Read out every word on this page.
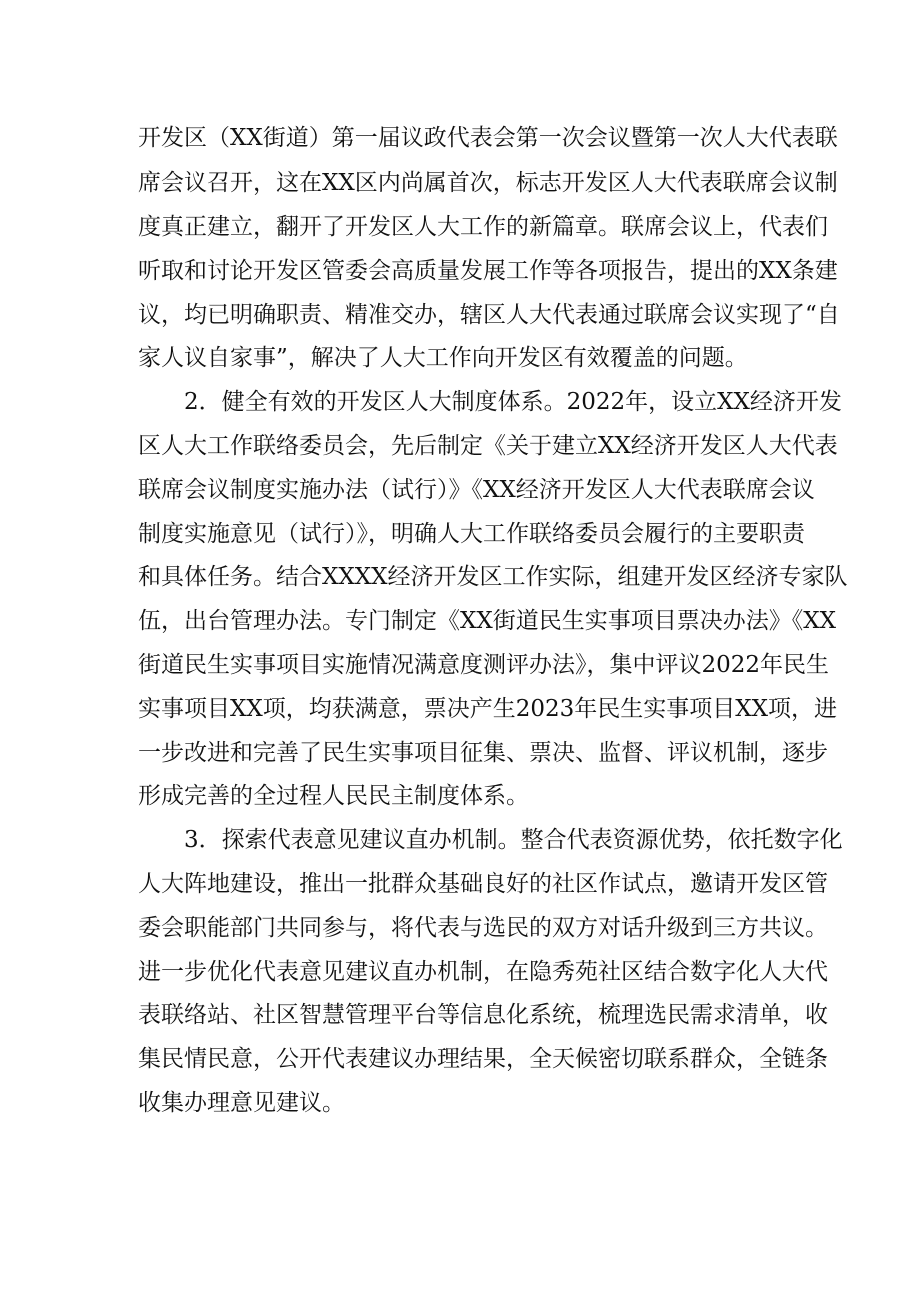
开发区（XX街道）第一届议政代表会第一次会议暨第一次人大代表联
席会议召开，这在XX区内尚属首次，标志开发区人大代表联席会议制
度真正建立，翻开了开发区人大工作的新篇章。联席会议上，代表们
听取和讨论开发区管委会高质量发展工作等各项报告，提出的XX条建
议，均已明确职责、精准交办，辖区人大代表通过联席会议实现了“自
家人议自家事”，解决了人大工作向开发区有效覆盖的问题。
2．健全有效的开发区人大制度体系。2022年，设立XX经济开发
区人大工作联络委员会，先后制定《关于建立XX经济开发区人大代表
联席会议制度实施办法（试行）》《XX经济开发区人大代表联席会议
制度实施意见（试行）》，明确人大工作联络委员会履行的主要职责
和具体任务。结合XXXX经济开发区工作实际，组建开发区经济专家队
伍，出台管理办法。专门制定《XX街道民生实事项目票决办法》《XX
街道民生实事项目实施情况满意度测评办法》，集中评议2022年民生
实事项目XX项，均获满意，票决产生2023年民生实事项目XX项，进
一步改进和完善了民生实事项目征集、票决、监督、评议机制，逐步
形成完善的全过程人民民主制度体系。
3．探索代表意见建议直办机制。整合代表资源优势，依托数字化
人大阵地建设，推出一批群众基础良好的社区作试点，邀请开发区管
委会职能部门共同参与，将代表与选民的双方对话升级到三方共议。
进一步优化代表意见建议直办机制，在隐秀苑社区结合数字化人大代
表联络站、社区智慧管理平台等信息化系统，梳理选民需求清单，收
集民情民意，公开代表建议办理结果，全天候密切联系群众，全链条
收集办理意见建议。
